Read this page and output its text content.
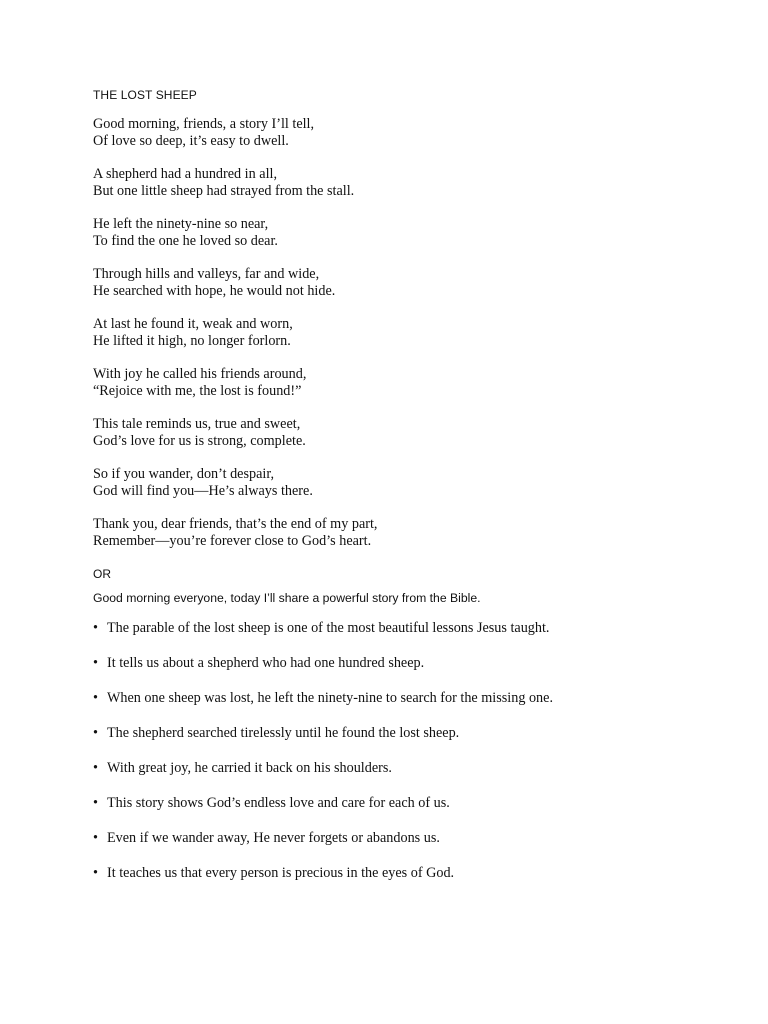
THE LOST SHEEP
Good morning, friends, a story I’ll tell,
Of love so deep, it’s easy to dwell.
A shepherd had a hundred in all,
But one little sheep had strayed from the stall.
He left the ninety-nine so near,
To find the one he loved so dear.
Through hills and valleys, far and wide,
He searched with hope, he would not hide.
At last he found it, weak and worn,
He lifted it high, no longer forlorn.
With joy he called his friends around,
“Rejoice with me, the lost is found!”
This tale reminds us, true and sweet,
God’s love for us is strong, complete.
So if you wander, don’t despair,
God will find you—He’s always there.
Thank you, dear friends, that’s the end of my part,
Remember—you’re forever close to God’s heart.
OR
Good morning everyone, today I’ll share a powerful story from the Bible.
• The parable of the lost sheep is one of the most beautiful lessons Jesus taught.
• It tells us about a shepherd who had one hundred sheep.
• When one sheep was lost, he left the ninety-nine to search for the missing one.
• The shepherd searched tirelessly until he found the lost sheep.
• With great joy, he carried it back on his shoulders.
• This story shows God’s endless love and care for each of us.
• Even if we wander away, He never forgets or abandons us.
• It teaches us that every person is precious in the eyes of God.
